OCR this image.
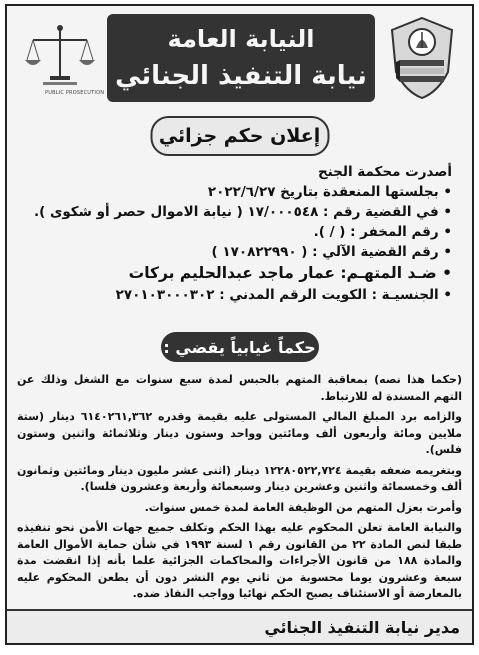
النيابة العامة
نيابة التنفيذ الجنائي
PUBLIC PROSECUTION
إعلان حكم جزائي
أصدرت محكمة الجنح
• بجلستها المنعقدة بتاريخ ٢٠٢٢/٦/٢٧
• في القضية رقم : ١٧/٠٠٠٥٤٨ ( نيابة الاموال حصر أو شكوى ).
• رقم المخفر : ( / ).
• رقم القضية الآلي : ( ١٧٠٨٢٢٩٩٠ )
• ضـد المتهـم: عمار ماجد عبدالحليم بركات
• الجنسيـة : الكويت الرقم المدني : ٢٧٠١٠٣٠٠٠٣٠٢
حكماً غيابياً يقضي :

(حكما هذا نصه) بمعاقبة المتهم بالحبس لمدة سبع سنوات مع الشغل وذلك عن التهم المسندة له للارتباط.

والزامه برد المبلغ المالي المستولى عليه بقيمة وقدره ٦١٤٠٢٦١,٣٦٢ دينار (ستة ملايين ومائة وأربعون ألف ومائتين وواحد وستون دينار وثلاثمائة واثنين وستون فلس).

وبتغريمه ضعفه بقيمة ١٢٢٨٠٥٢٢,٧٢٤ دينار (اثنى عشر مليون دينار ومائتين وثمانون ألف وخمسمائة واثنين وعشرين دينار وسبعمائة وأربعة وعشرون فلسا).

وأمرت بعزل المتهم من الوظيفة العامة لمدة خمس سنوات.

والنيابة العامة تعلن المحكوم عليه بهذا الحكم وتكلف جميع جهات الأمن نحو تنفيذه طبقا لنص المادة ٢٢ من القانون رقم ١ لسنة ١٩٩٣ في شأن حماية الأموال العامة والمادة ١٨٨ من قانون الأجراءات والمحاكمات الجزائية علما بأنه إذا انقضت مدة سبعة وعشرون يوما محسوبة من ثاني يوم النشر دون أن يطعن المحكوم عليه بالمعارضة أو الاستئناف يصبح الحكم نهائيا وواجب النفاذ ضده.

مدير نيابة التنفيذ الجنائي
